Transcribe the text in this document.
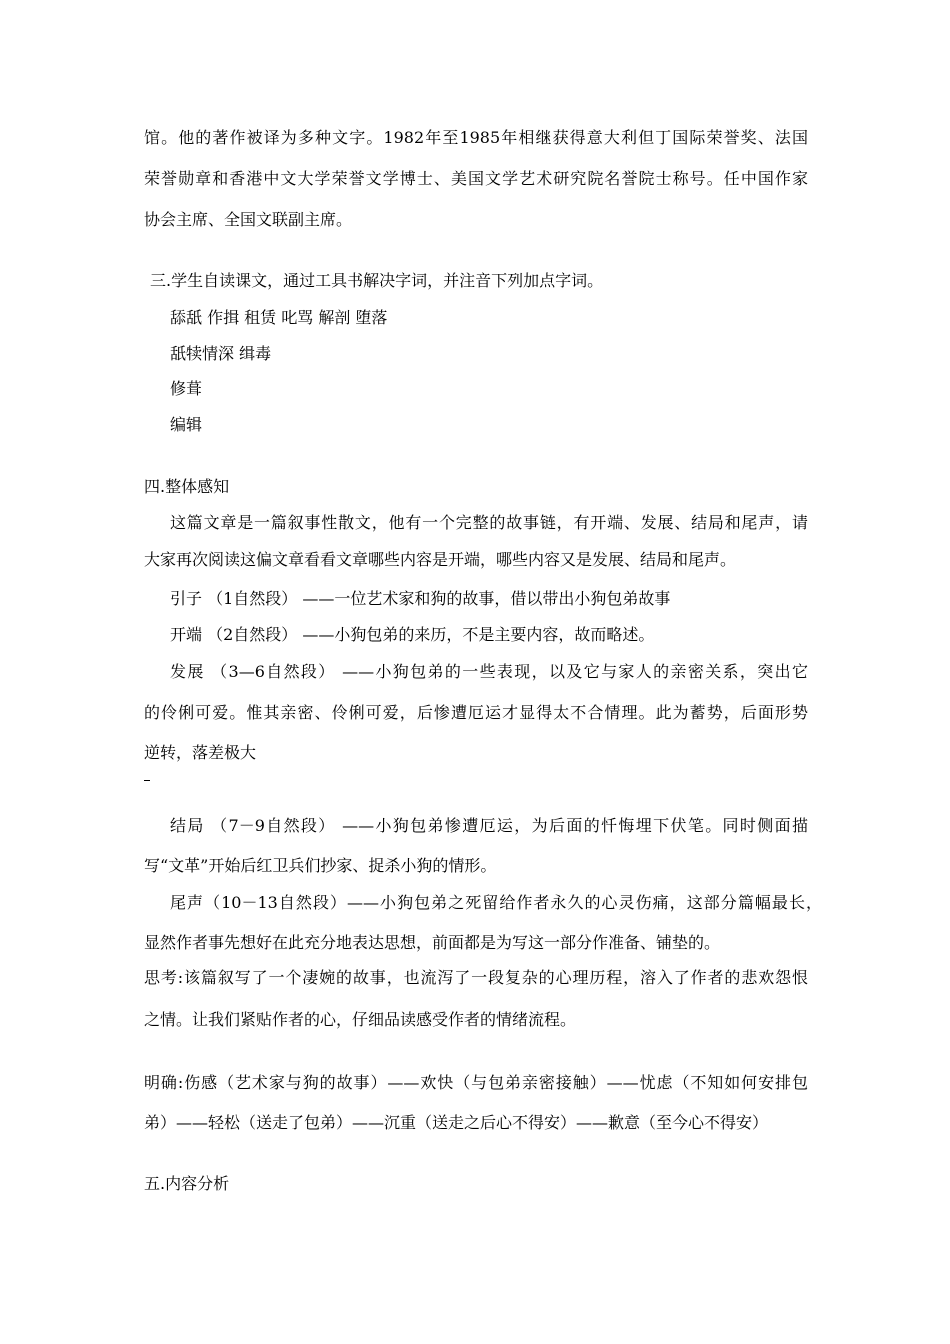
馆。他的著作被译为多种文字。1982年至1985年相继获得意大利但丁国际荣誉奖、法国
荣誉勋章和香港中文大学荣誉文学博士、美国文学艺术研究院名誉院士称号。任中国作家
协会主席、全国文联副主席。
三.学生自读课文，通过工具书解决字词，并注音下列加点字词。
舔舐 作揖 租赁 叱骂 解剖 堕落
舐犊情深 缉毒
修葺
编辑
四.整体感知
这篇文章是一篇叙事性散文，他有一个完整的故事链，有开端、发展、结局和尾声，请
大家再次阅读这偏文章看看文章哪些内容是开端，哪些内容又是发展、结局和尾声。
引子 （1自然段） ——一位艺术家和狗的故事，借以带出小狗包弟故事
开端 （2自然段） ——小狗包弟的来历，不是主要内容，故而略述。
发展 （3—6自然段） ——小狗包弟的一些表现，以及它与家人的亲密关系，突出它
的伶俐可爱。惟其亲密、伶俐可爱，后惨遭厄运才显得太不合情理。此为蓄势，后面形势
逆转，落差极大
结局 （7－9自然段） ——小狗包弟惨遭厄运，为后面的忏悔埋下伏笔。同时侧面描
写“文革”开始后红卫兵们抄家、捉杀小狗的情形。
尾声（10－13自然段）——小狗包弟之死留给作者永久的心灵伤痛，这部分篇幅最长，
显然作者事先想好在此充分地表达思想，前面都是为写这一部分作准备、铺垫的。
思考:该篇叙写了一个凄婉的故事，也流泻了一段复杂的心理历程，溶入了作者的悲欢怨恨
之情。让我们紧贴作者的心，仔细品读感受作者的情绪流程。
明确:伤感（艺术家与狗的故事）——欢快（与包弟亲密接触）——忧虑（不知如何安排包
弟）——轻松（送走了包弟）——沉重（送走之后心不得安）——歉意（至今心不得安）
五.内容分析
